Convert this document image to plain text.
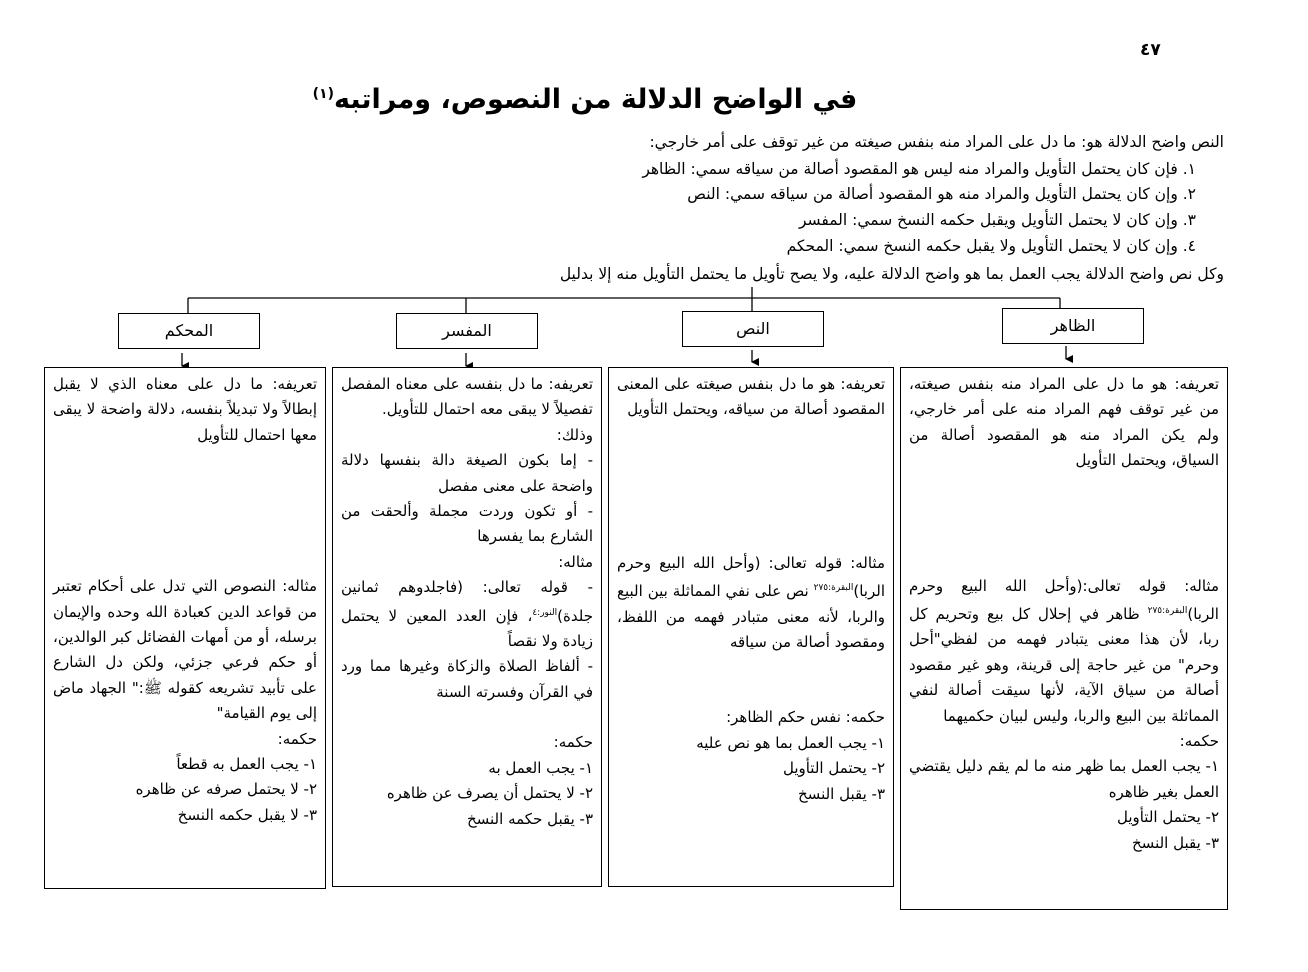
٤٧
في الواضح الدلالة من النصوص، ومراتبه$^{(١)}$
النص واضح الدلالة هو: ما دل على المراد منه بنفس صيغته من غير توقف على أمر خارجي:
١. فإن كان يحتمل التأويل والمراد منه ليس هو المقصود أصالة من سياقه سمي: الظاهر
٢. وإن كان يحتمل التأويل والمراد منه هو المقصود أصالة من سياقه سمي: النص
٣. وإن كان لا يحتمل التأويل ويقبل حكمه النسخ سمي: المفسر
٤. وإن كان لا يحتمل التأويل ولا يقبل حكمه النسخ سمي: المحكم
وكل نص واضح الدلالة يجب العمل بما هو واضح الدلالة عليه، ولا يصح تأويل ما يحتمل التأويل منه إلا بدليل
المحكم	المفسر	النص	الظاهر
تعريفه: هو ما دل على المراد منه بنفس صيغته، من غير توقف فهم المراد منه على أمر خارجي، ولم يكن المراد منه هو المقصود أصالة من السياق، ويحتمل التأويل
مثاله: قوله تعالى:(وأحل الله البيع وحرم الربا)$^{البقرة:٢٧٥}$ ظاهر في إحلال كل بيع وتحريم كل ربا، لأن هذا معنى يتبادر فهمه من لفظي"أحل وحرم" من غير حاجة إلى قرينة، وهو غير مقصود أصالة من سياق الآية، لأنها سيقت أصالة لنفي المماثلة بين البيع والربا، وليس لبيان حكميهما
حكمه:
١- يجب العمل بما ظهر منه ما لم يقم دليل يقتضي العمل بغير ظاهره
٢- يحتمل التأويل
٣- يقبل النسخ
تعريفه: هو ما دل بنفس صيغته على المعنى المقصود أصالة من سياقه، ويحتمل التأويل
مثاله: قوله تعالى: (وأحل الله البيع وحرم الربا)$^{البقرة:٢٧٥}$ نص على نفي المماثلة بين البيع والربا، لأنه معنى متبادر فهمه من اللفظ، ومقصود أصالة من سياقه
حكمه: نفس حكم الظاهر:
١- يجب العمل بما هو نص عليه
٢- يحتمل التأويل
٣- يقبل النسخ
تعريفه: ما دل بنفسه على معناه المفصل تفصيلاً لا يبقى معه احتمال للتأويل.
وذلك:
- إما بكون الصيغة دالة بنفسها دلالة واضحة على معنى مفصل
- أو تكون وردت مجملة وألحقت من الشارع بما يفسرها
مثاله:
- قوله تعالى: (فاجلدوهم ثمانين جلدة)$^{النور:٤}$، فإن العدد المعين لا يحتمل زيادة ولا نقصاً
- ألفاظ الصلاة والزكاة وغيرها مما ورد في القرآن وفسرته السنة
حكمه:
١- يجب العمل به
٢- لا يحتمل أن يصرف عن ظاهره
٣- يقبل حكمه النسخ
تعريفه: ما دل على معناه الذي لا يقبل إبطالاً ولا تبديلاً بنفسه، دلالة واضحة لا يبقى معها احتمال للتأويل
مثاله: النصوص التي تدل على أحكام تعتبر من قواعد الدين كعبادة الله وحده والإيمان برسله، أو من أمهات الفضائل كبر الوالدين، أو حكم فرعي جزئي، ولكن دل الشارع على تأبيد تشريعه كقوله ﷺ:" الجهاد ماض إلى يوم القيامة"
حكمه:
١- يجب العمل به قطعاً
٢- لا يحتمل صرفه عن ظاهره
٣- لا يقبل حكمه النسخ
